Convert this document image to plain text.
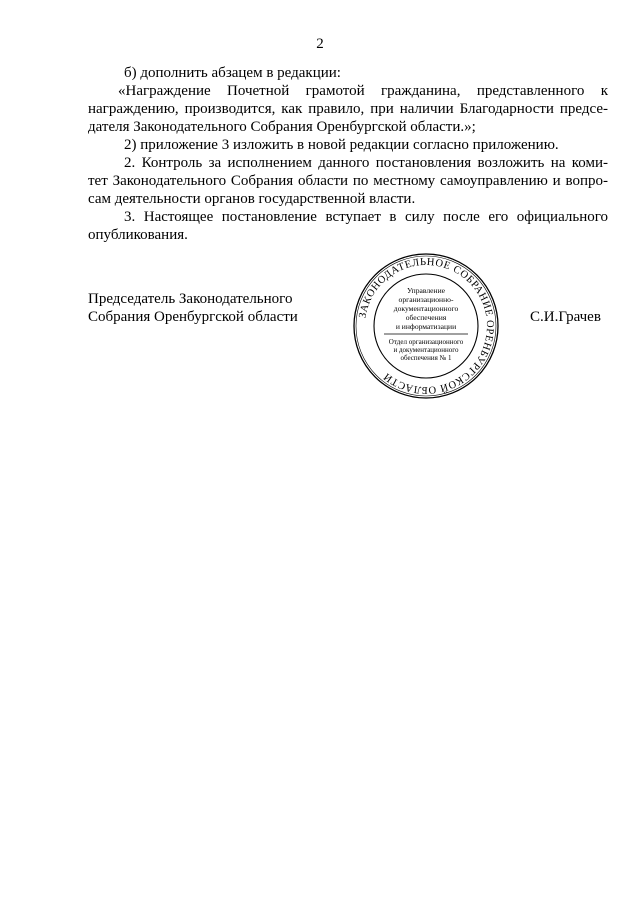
2
б) дополнить абзацем в редакции:
«Награждение Почетной грамотой гражданина, представленного к
награждению, производится, как правило, при наличии Благодарности предсе-
дателя Законодательного Собрания Оренбургской области.»;
2) приложение 3 изложить в новой редакции согласно приложению.
2. Контроль за исполнением данного постановления возложить на коми-
тет Законодательного Собрания области по местному самоуправлению и вопро-
сам деятельности органов государственной власти.
3. Настоящее постановление вступает в силу после его официального
опубликования.
Председатель Законодательного
Собрания Оренбургской области	ЗАКОНОДАТЕЛЬНОЕ СОБРАНИЕ ОРЕНБУРГСКОЙ ОБЛАСТИ
Управление
организационно-
документационного
обеспечения
и информатизации
Отдел организационного
и документационного
обеспечения № 1
С.И.Грачев
